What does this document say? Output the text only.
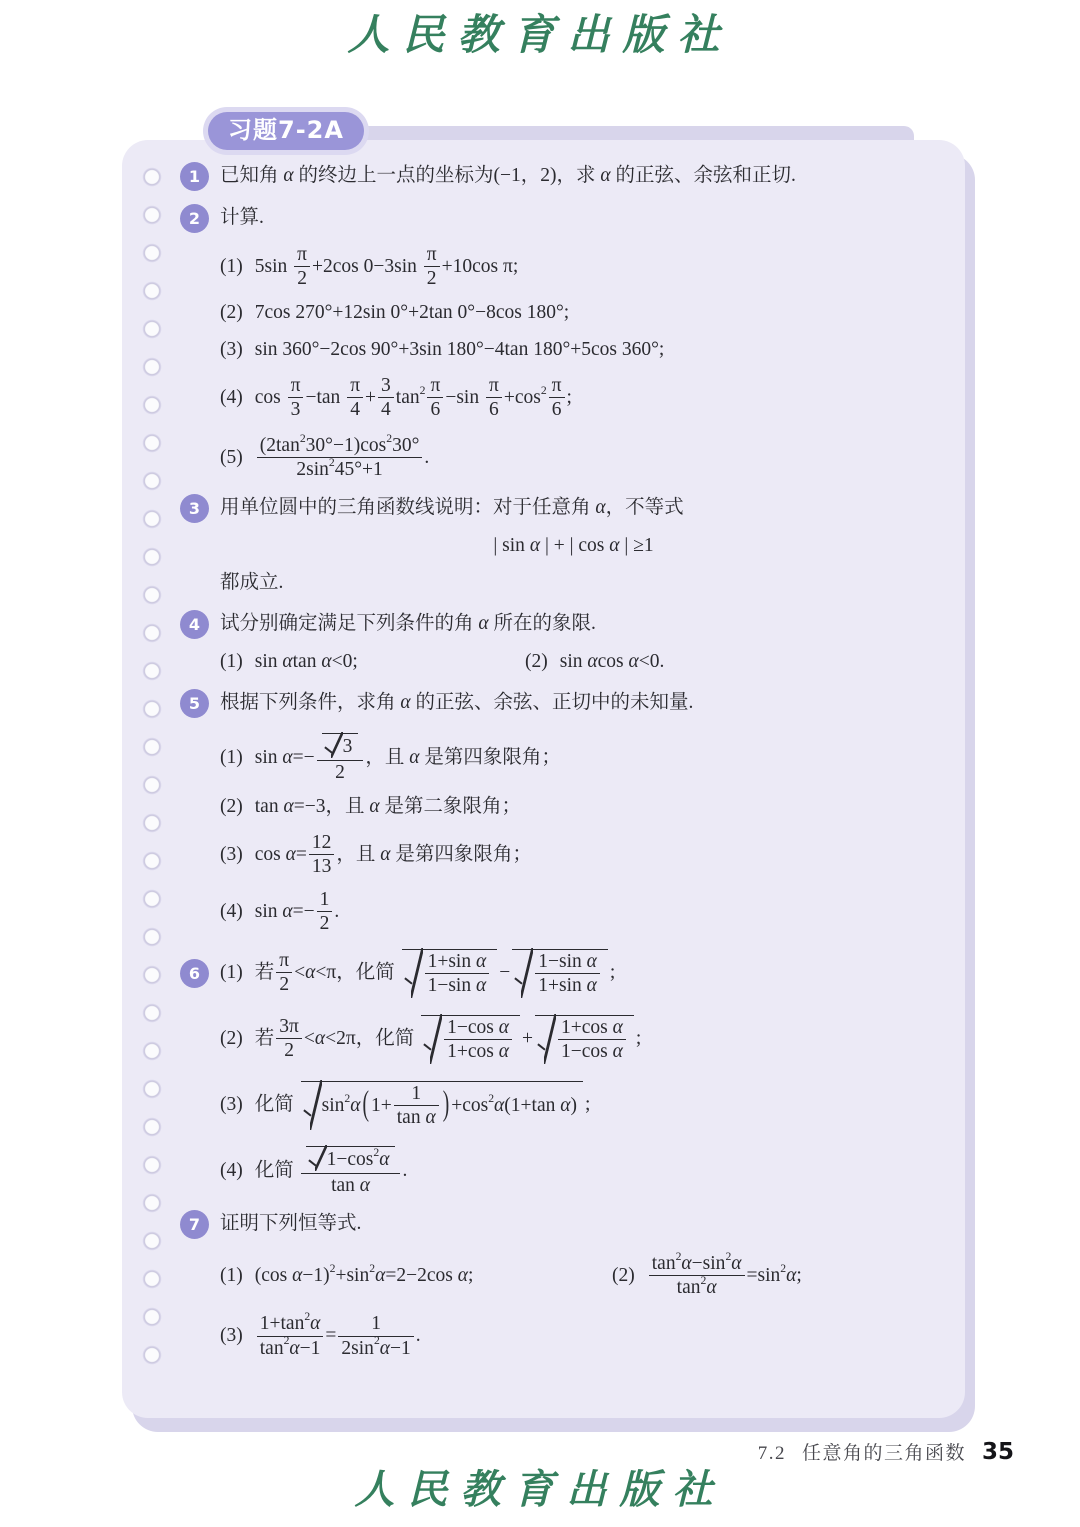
人民教育出版社
1	已知角 α 的终边上一点的坐标为(−1，2)，求 α 的正弦、余弦和正切.
2	计算.
(1) $5\sin \frac{\pi}{2} +2\cos$ $0-3\sin \frac{\pi}{2} +10\cos$ π;
(2) 7cos 270°+12sin 0°+2tan 0°−8cos 180°;
(3) sin 360°−2cos 90°+3sin 180°−4tan 180°+5cos 360°;
(4) $\cos \frac{\pi}{3} -\tan \frac{\pi}{4} + \frac{3}{4} \tan^2 \frac{\pi}{6} -\sin \frac{\pi}{6} +\cos^2 \frac{\pi}{6}$ ;
$(5) \frac{(2\tan^230^\circ-1)\cos^230^\circ}{2\sin^245^\circ+1}$ .
3	用单位圆中的三角函数线说明：对于任意角 α，不等式
| sin α | + | cos α | ≥1
都成立.
4	试分别确定满足下列条件的角 α 所在的象限.
(1) sin αtan α<0;	(2) sin αcos α<0.
5	根据下列条件，求角 α 的正弦、余弦、正切中的未知量.
(1) $\sin \alpha=- \frac{3}{2}$ ，且 α 是第四象限角；
(2) tan α=−3，且 α 是第二象限角；
(3) $\cos \alpha= \frac{12}{13}$ ，且 α 是第四象限角；
(4) $\sin \alpha=- \frac{1}{2}$ .
6	(1) 若 $\frac{\pi}{2} <\alpha<\pi$，化简 $\frac{\text{1+sin α}}{\text{1−sin α}} - \frac{\text{1−sin α}}{\text{1+sin α}}$ ;
(2) 若 $\frac{3\pi}{2} <\alpha<2\pi$，化简 $\frac{\text{1−cos α}}{\text{1+cos α}} + \frac{\text{1+cos α}}{\text{1−cos α}}$ ;
(3) 化简 $\sin^2\alpha$ ( $1+ \frac{1}{\text{tan α}}$ ) $+\cos^2\alpha(1+\tan$ α) ;
(4) 化简 $\frac{1-\cos^2\alpha}{\text{tan α}}$ .
7	证明下列恒等式.
(1) (cos $\alpha-1)^2+\sin^2\alpha=2-2\cos$ α;	$(2) \frac{\tan^2\alpha-\sin^2\alpha}{\tan^2\alpha} =\sin^2\alpha$;
$(3) \frac{1+\tan^2\alpha}{\tan^2\alpha-1} = \frac{1}{2\sin^2\alpha-1}$ .
习题7-2A
7.2 任意角的三角函数 35
人民教育出版社
